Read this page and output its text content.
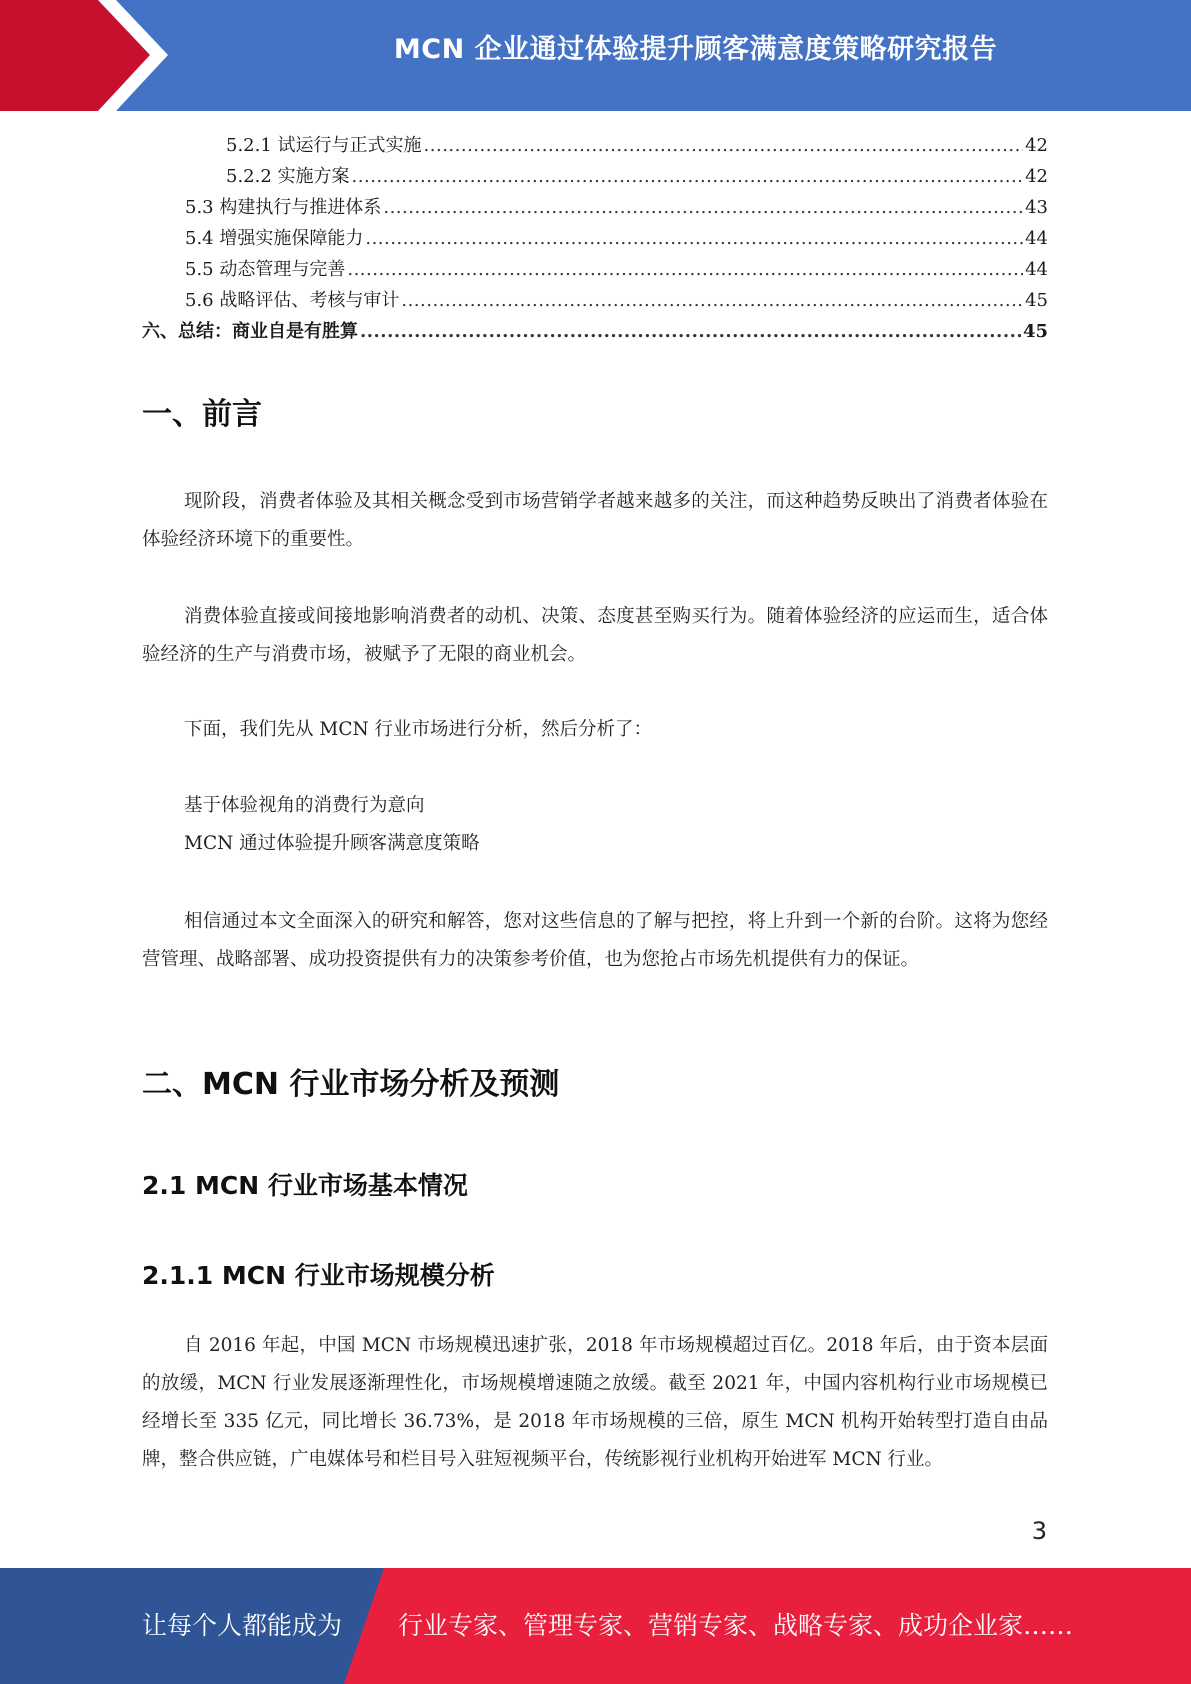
MCN 企业通过体验提升顾客满意度策略研究报告
5.2.1 试运行与正式实施 .....	42
5.2.2 实施方案 .....	42
5.3 构建执行与推进体系 .....	43
5.4 增强实施保障能力 .....	44
5.5 动态管理与完善 .....	44
5.6 战略评估、考核与审计 .....	45
六、总结：商业自是有胜算 .....	45
一、前言

现阶段，消费者体验及其相关概念受到市场营销学者越来越多的关注，而这种趋势反映出了消费者体验在体验经济环境下的重要性。

消费体验直接或间接地影响消费者的动机、决策、态度甚至购买行为。随着体验经济的应运而生，适合体验经济的生产与消费市场，被赋予了无限的商业机会。

下面，我们先从 MCN 行业市场进行分析，然后分析了：

基于体验视角的消费行为意向

MCN 通过体验提升顾客满意度策略

相信通过本文全面深入的研究和解答，您对这些信息的了解与把控，将上升到一个新的台阶。这将为您经营管理、战略部署、成功投资提供有力的决策参考价值，也为您抢占市场先机提供有力的保证。

二、MCN 行业市场分析及预测
2.1 MCN 行业市场基本情况
2.1.1 MCN 行业市场规模分析

自 2016 年起，中国 MCN 市场规模迅速扩张，2018 年市场规模超过百亿。2018 年后，由于资本层面的放缓，MCN 行业发展逐渐理性化，市场规模增速随之放缓。截至 2021 年，中国内容机构行业市场规模已经增长至 335 亿元，同比增长 36.73%，是 2018 年市场规模的三倍，原生 MCN 机构开始转型打造自由品牌，整合供应链，广电媒体号和栏目号入驻短视频平台，传统影视行业机构开始进军 MCN 行业。

3
让每个人都能成为 行业专家、管理专家、营销专家、战略专家、成功企业家……
